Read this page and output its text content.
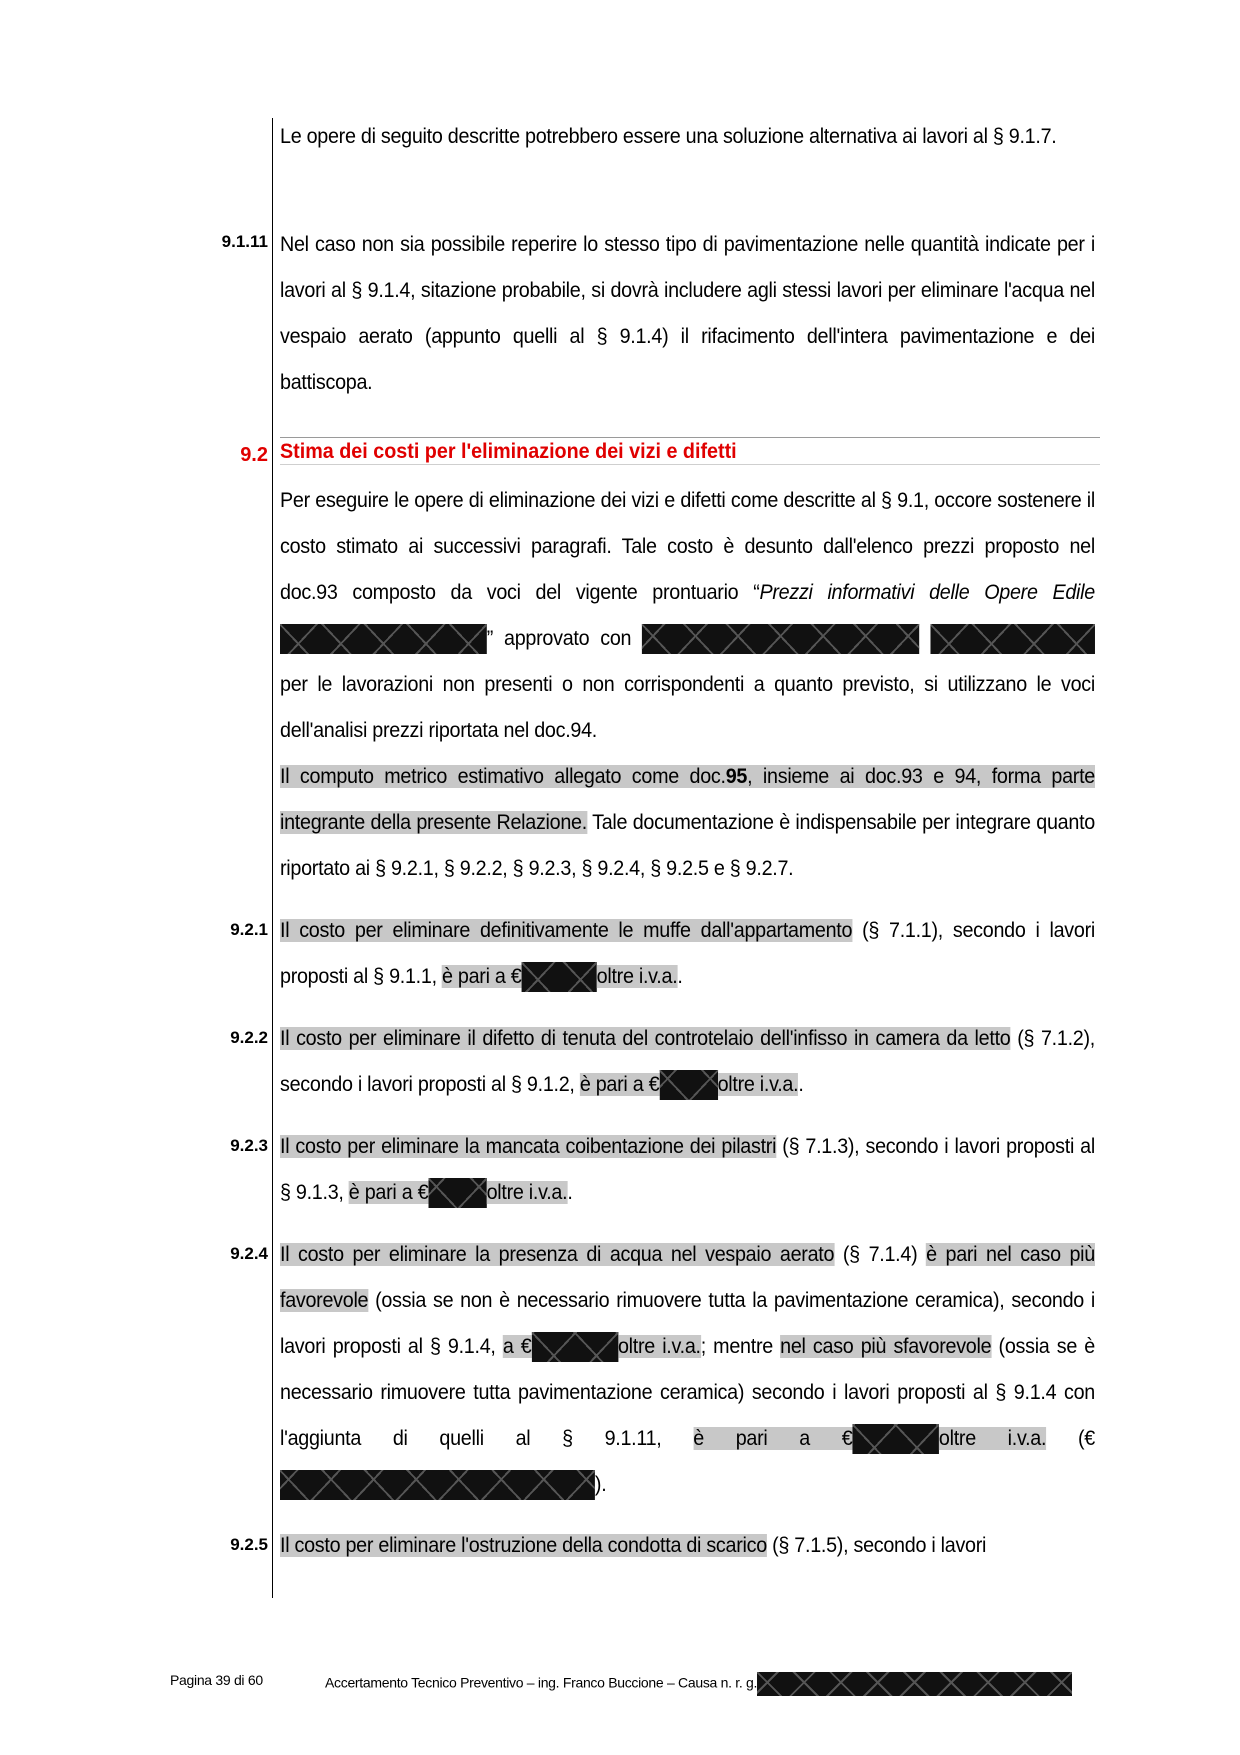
Le opere di seguito descritte potrebbero essere una soluzione alternativa ai lavori al § 9.1.7.
9.1.11 Nel caso non sia possibile reperire lo stesso tipo di pavimentazione nelle quantità indicate per i lavori al § 9.1.4, sitazione probabile, si dovrà includere agli stessi lavori per eliminare l'acqua nel vespaio aerato (appunto quelli al § 9.1.4) il rifacimento dell'intera pavimentazione e dei battiscopa.
9.2 Stima dei costi per l'eliminazione dei vizi e difetti
Per eseguire le opere di eliminazione dei vizi e difetti come descritte al § 9.1, occore sostenere il costo stimato ai successivi paragrafi. Tale costo è desunto dall'elenco prezzi proposto nel doc.93 composto da voci del vigente prontuario “Prezzi informativi delle Opere Edile ” approvato con   per le lavorazioni non presenti o non corrispondenti a quanto previsto, si utilizzano le voci dell'analisi prezzi riportata nel doc.94.
Il computo metrico estimativo allegato come doc.95, insieme ai doc.93 e 94, forma parte integrante della presente Relazione. Tale documentazione è indispensabile per integrare quanto riportato ai § 9.2.1, § 9.2.2, § 9.2.3, § 9.2.4, § 9.2.5 e § 9.2.7.
9.2.1 Il costo per eliminare definitivamente le muffe dall'appartamento (§ 7.1.1), secondo i lavori proposti al § 9.1.1, è pari a €	oltre i.v.a..
9.2.2 Il costo per eliminare il difetto di tenuta del controtelaio dell'infisso in camera da letto (§ 7.1.2), secondo i lavori proposti al § 9.1.2, è pari a €	oltre i.v.a..
9.2.3 Il costo per eliminare la mancata coibentazione dei pilastri (§ 7.1.3), secondo i lavori proposti al § 9.1.3, è pari a €	oltre i.v.a..
9.2.4 Il costo per eliminare la presenza di acqua nel vespaio aerato (§ 7.1.4) è pari nel caso più favorevole (ossia se non è necessario rimuovere tutta la pavimentazione ceramica), secondo i lavori proposti al § 9.1.4, a €	oltre i.v.a.; mentre nel caso più sfavorevole (ossia se è necessario rimuovere tutta pavimentazione ceramica) secondo i lavori proposti al § 9.1.4 con l'aggiunta di quelli al § 9.1.11, è pari a €	oltre i.v.a. (€ ).
9.2.5 Il costo per eliminare l'ostruzione della condotta di scarico (§ 7.1.5), secondo i lavori
Pagina 39 di 60	Accertamento Tecnico Preventivo – ing. Franco Buccione – Causa n. r. g.
